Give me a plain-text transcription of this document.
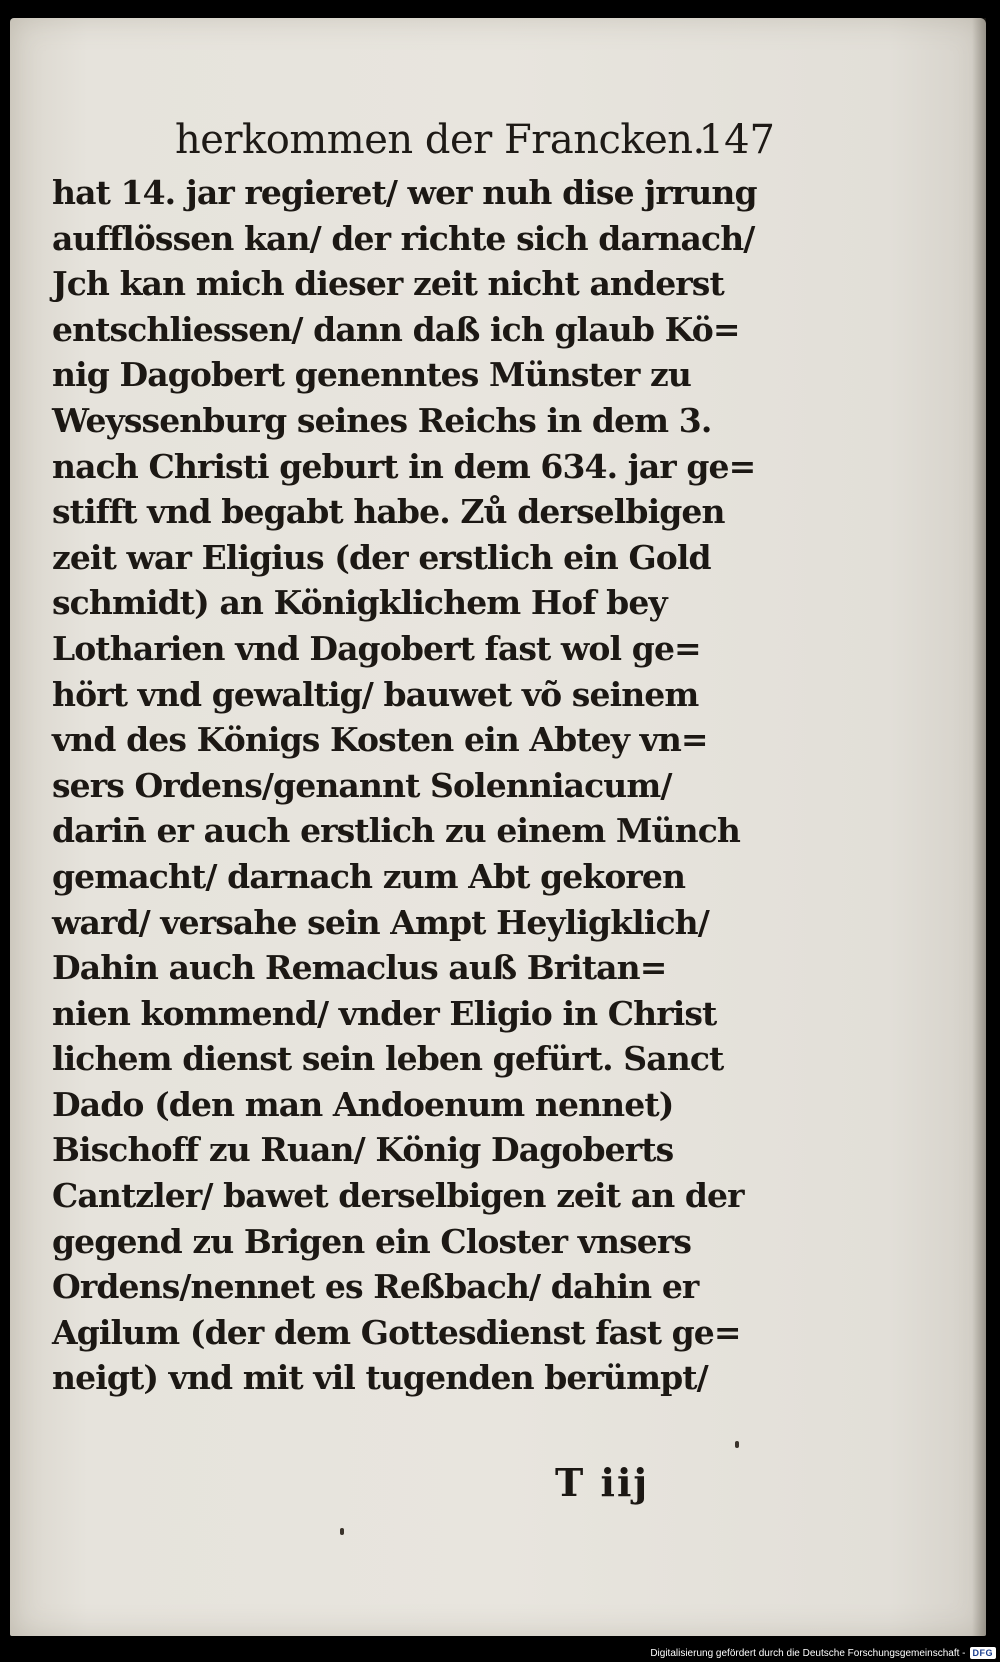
herkommen der Francken.
147
hat 14. jar regieret/ wer nuh dise jrrung
aufflössen kan/ der richte sich darnach/
Jch kan mich dieser zeit nicht anderst
entschliessen/ dann daß ich glaub Kö=
nig Dagobert genenntes Münster zu
Weyssenburg seines Reichs in dem 3.
nach Christi geburt in dem 634. jar ge=
stifft vnd begabt habe. Zů derselbigen
zeit war Eligius (der erstlich ein Gold
schmidt) an Königklichem Hof bey
Lotharien vnd Dagobert fast wol ge=
hört vnd gewaltig/ bauwet võ seinem
vnd des Königs Kosten ein Abtey vn=
sers Ordens/genannt Solenniacum/
darin̄ er auch erstlich zu einem Münch
gemacht/ darnach zum Abt gekoren
ward/ versahe sein Ampt Heyligklich/
Dahin auch Remaclus auß Britan=
nien kommend/ vnder Eligio in Christ
lichem dienst sein leben gefürt. Sanct
Dado (den man Andoenum nennet)
Bischoff zu Ruan/ König Dagoberts
Cantzler/ bawet derselbigen zeit an der
gegend zu Brigen ein Closter vnsers
Ordens/nennet es Reßbach/ dahin er
Agilum (der dem Gottesdienst fast ge=
neigt) vnd mit vil tugenden berümpt/
T iij
Digitalisierung gefördert durch die Deutsche Forschungsgemeinschaft - DFG
